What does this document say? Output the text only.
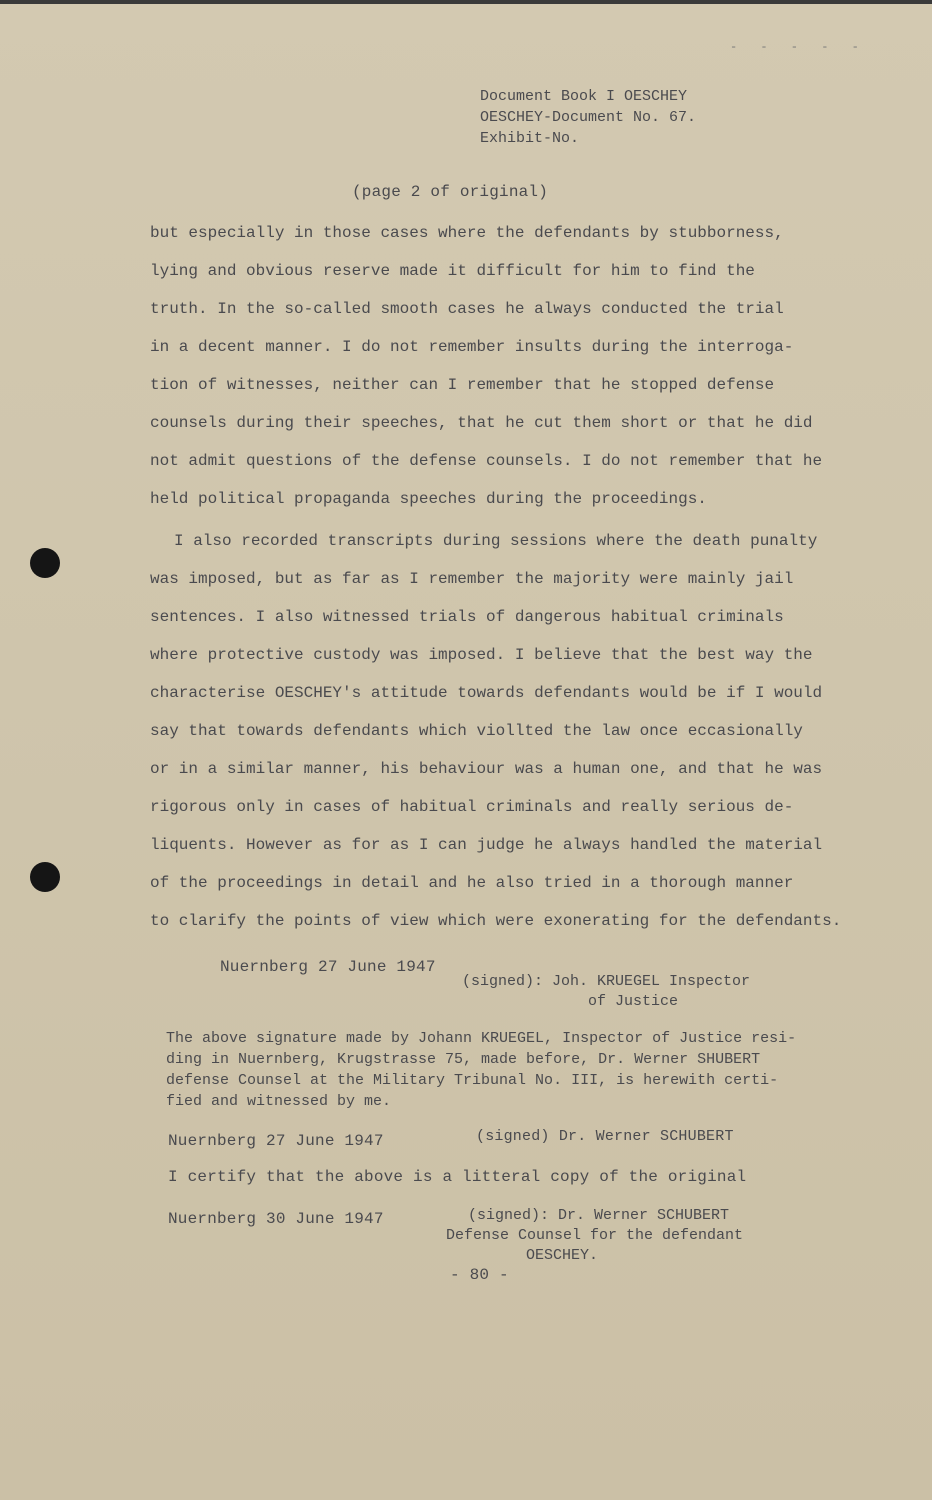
- - - - -
Document Book I OESCHEY
OESCHEY-Document No. 67.
Exhibit-No.
(page 2 of original)
but especially in those cases where the defendants by stubborness,
lying and obvious reserve made it difficult for him to find the
truth. In the so-called smooth cases he always conducted the trial
in a decent manner. I do not remember insults during the interroga-
tion of witnesses, neither can I remember that he stopped defense
counsels during their speeches, that he cut them short or that he did
not admit questions of the defense counsels. I do not remember that he
held political propaganda speeches during the proceedings.
I also recorded transcripts during sessions where the death punalty
was imposed, but as far as I remember the majority were mainly jail
sentences. I also witnessed trials of dangerous habitual criminals
where protective custody was imposed. I believe that the best way the
characterise OESCHEY's attitude towards defendants would be if I would
say that towards defendants which viollted the law once eccasionally
or in a similar manner, his behaviour was a human one, and that he was
rigorous only in cases of habitual criminals and really serious de-
liquents. However as for as I can judge he always handled the material
of the proceedings in detail and he also tried in a thorough manner
to clarify the points of view which were exonerating for the defendants.
Nuernberg 27 June 1947
(signed): Joh. KRUEGEL Inspector
of Justice
The above signature made by Johann KRUEGEL, Inspector of Justice resi-
ding in Nuernberg, Krugstrasse 75, made before, Dr. Werner SHUBERT
defense Counsel at the Military Tribunal No. III, is herewith certi-
fied and witnessed by me.
Nuernberg 27 June 1947	(signed) Dr. Werner SCHUBERT
I certify that the above is a litteral copy of the original
Nuernberg 30 June 1947	(signed): Dr. Werner SCHUBERT
Defense Counsel for the defendant
OESCHEY.
- 80 -
